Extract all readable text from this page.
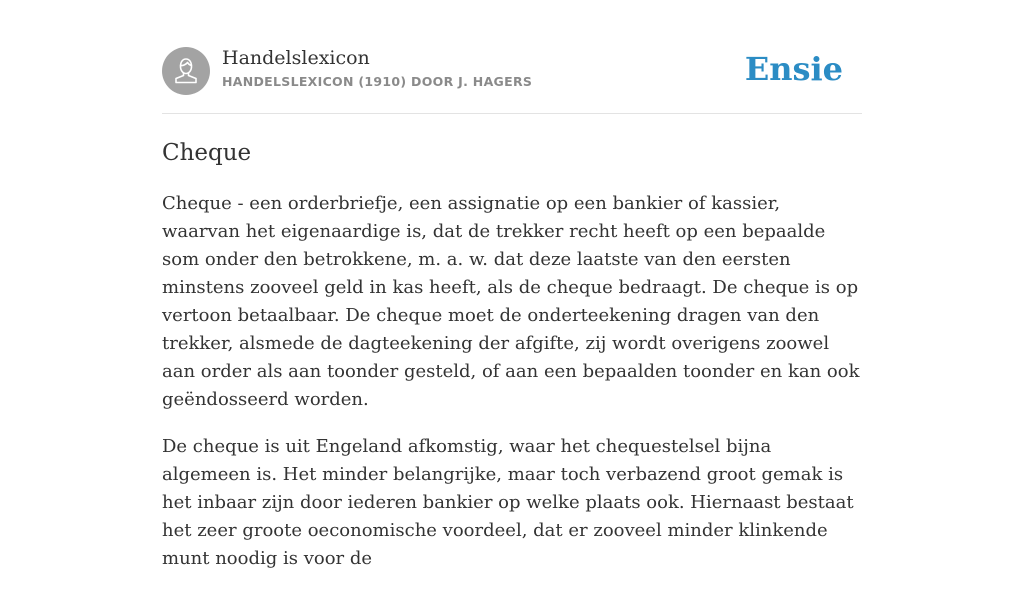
Handelslexicon
HANDELSLEXICON (1910) DOOR J. HAGERS	Ensie
Cheque

Cheque - een orderbriefje, een assignatie op een bankier of kassier, waarvan het eigenaardige is, dat de trekker recht heeft op een bepaalde som onder den betrokkene, m. a. w. dat deze laatste van den eersten minstens zooveel geld in kas heeft, als de cheque bedraagt. De cheque is op vertoon betaalbaar. De cheque moet de onderteekening dragen van den trekker, alsmede de dagteekening der afgifte, zij wordt overigens zoowel aan order als aan toonder gesteld, of aan een bepaalden toonder en kan ook geëndosseerd worden.

De cheque is uit Engeland afkomstig, waar het chequestelsel bijna algemeen is. Het minder belangrijke, maar toch verbazend groot gemak is het inbaar zijn door iederen bankier op welke plaats ook. Hiernaast bestaat het zeer groote oeconomische voordeel, dat er zooveel minder klinkende munt noodig is voor de
